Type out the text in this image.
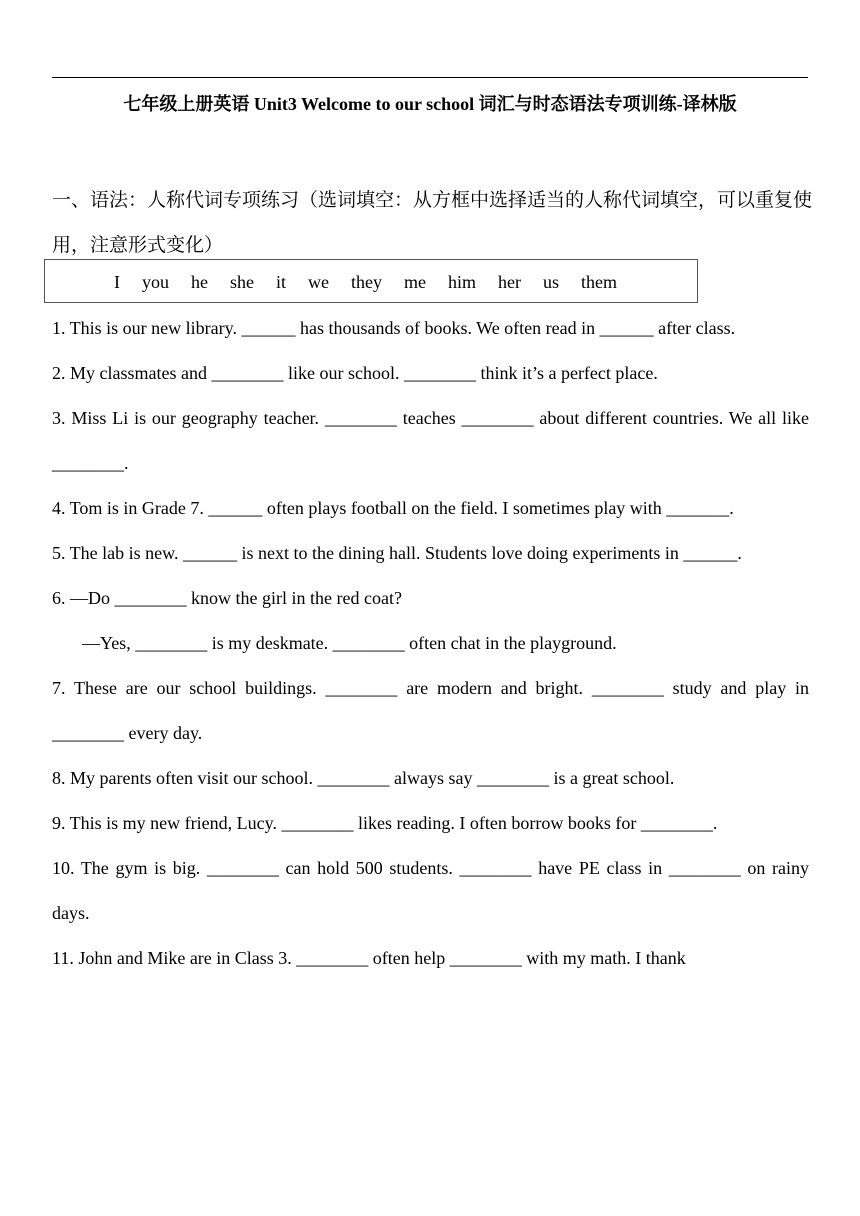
七年级上册英语 Unit3 Welcome to our school 词汇与时态语法专项训练-译林版
一、语法：人称代词专项练习（选词填空：从方框中选择适当的人称代词填空，可以重复使用，注意形式变化）
I you he she it we they me him her us them

1. This is our new library. ______ has thousands of books. We often read in ______ after class.

2. My classmates and ________ like our school. ________ think it’s a perfect place.

3. Miss Li is our geography teacher. ________ teaches ________ about different countries. We all like ________.

4. Tom is in Grade 7. ______ often plays football on the field. I sometimes play with _______.

5. The lab is new. ______ is next to the dining hall. Students love doing experiments in ______.

6. —Do ________ know the girl in the red coat?

—Yes, ________ is my deskmate. ________ often chat in the playground.

7. These are our school buildings. ________ are modern and bright. ________ study and play in ________ every day.

8. My parents often visit our school. ________ always say ________ is a great school.

9. This is my new friend, Lucy. ________ likes reading. I often borrow books for ________.

10. The gym is big. ________ can hold 500 students. ________ have PE class in ________ on rainy days.

11. John and Mike are in Class 3. ________ often help ________ with my math. I thank
